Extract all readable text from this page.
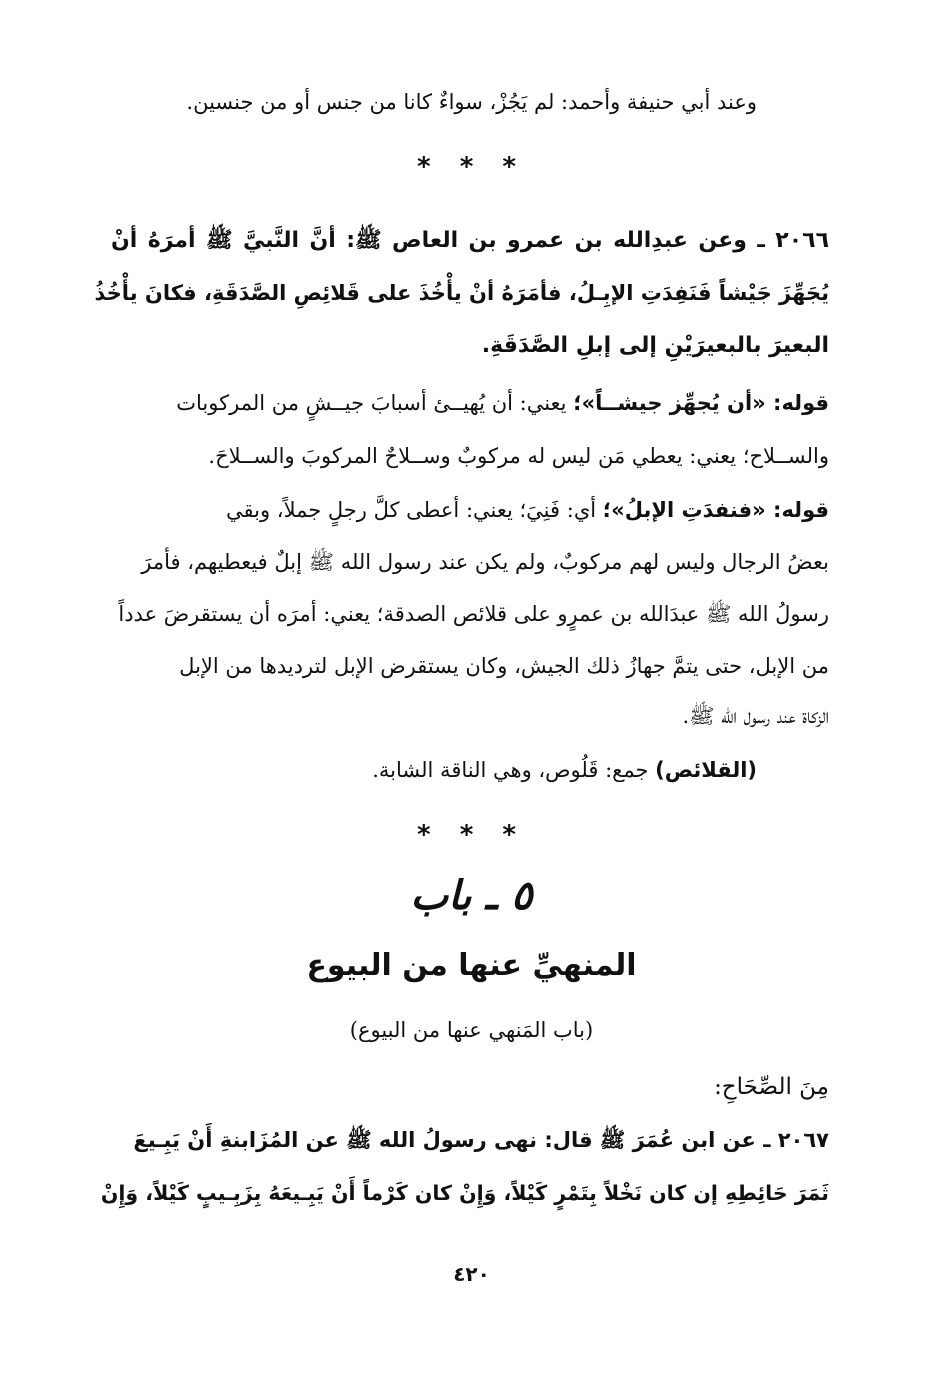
وعند أبي حنيفة وأحمد: لم يَجُزْ، سواءٌ كانا من جنس أو من جنسين.
* * *
٢٠٦٦ ـ وعن عبدِالله بن عمرو بن العاص ﷺ: أنَّ النَّبيَّ ﷺ أمرَهُ أنْ
يُجَهِّزَ جَيْشاً فَنَفِدَتِ الإبِـلُ، فأمَرَهُ أنْ يأْخُذَ على قَلائِصِ الصَّدَقَةِ، فكانَ يأْخُذُ
البعيرَ بالبعيرَيْنِ إلى إبلِ الصَّدَقَةِ.
قوله: «أن يُجهِّز جيشــاً»؛ يعني: أن يُهيــئ أسبابَ جيــشٍ من المركوبات
والســلاح؛ يعني: يعطي مَن ليس له مركوبٌ وســلاحٌ المركوبَ والســلاحَ.
قوله: «فنفدَتِ الإبلُ»؛ أي: فَنِيَ؛ يعني: أعطى كلَّ رجلٍ جملاً، وبقي
بعضُ الرجال وليس لهم مركوبٌ، ولم يكن عند رسول الله ﷺ إبلٌ فيعطيهم، فأمرَ
رسولُ الله ﷺ عبدَالله بن عمرٍو على قلائص الصدقة؛ يعني: أمرَه أن يستقرضَ عدداً
من الإبل، حتى يتمَّ جهازُ ذلك الجيش، وكان يستقرض الإبل لترديدها من الإبل
الزكاة عند رسول الله ﷺ.
(القلائص) جمع: قَلُوص، وهي الناقة الشابة.
* * *
٥ ـ باب
المنهيِّ عنها من البيوع
(باب المَنهي عنها من البيوع)
مِنَ الصِّحَاحِ:
٢٠٦٧ ـ عن ابن عُمَرَ ﷺ قال: نهى رسولُ الله ﷺ عن المُزَابنةِ أَنْ يَبِـيعَ
ثَمَرَ حَائِطِهِ إن كان نَخْلاً بِتَمْرٍ كَيْلاً، وَإِنْ كان كَرْماً أَنْ يَبِـيعَهُ بِزَبِـيبٍ كَيْلاً، وَإِنْ
٤٢٠
